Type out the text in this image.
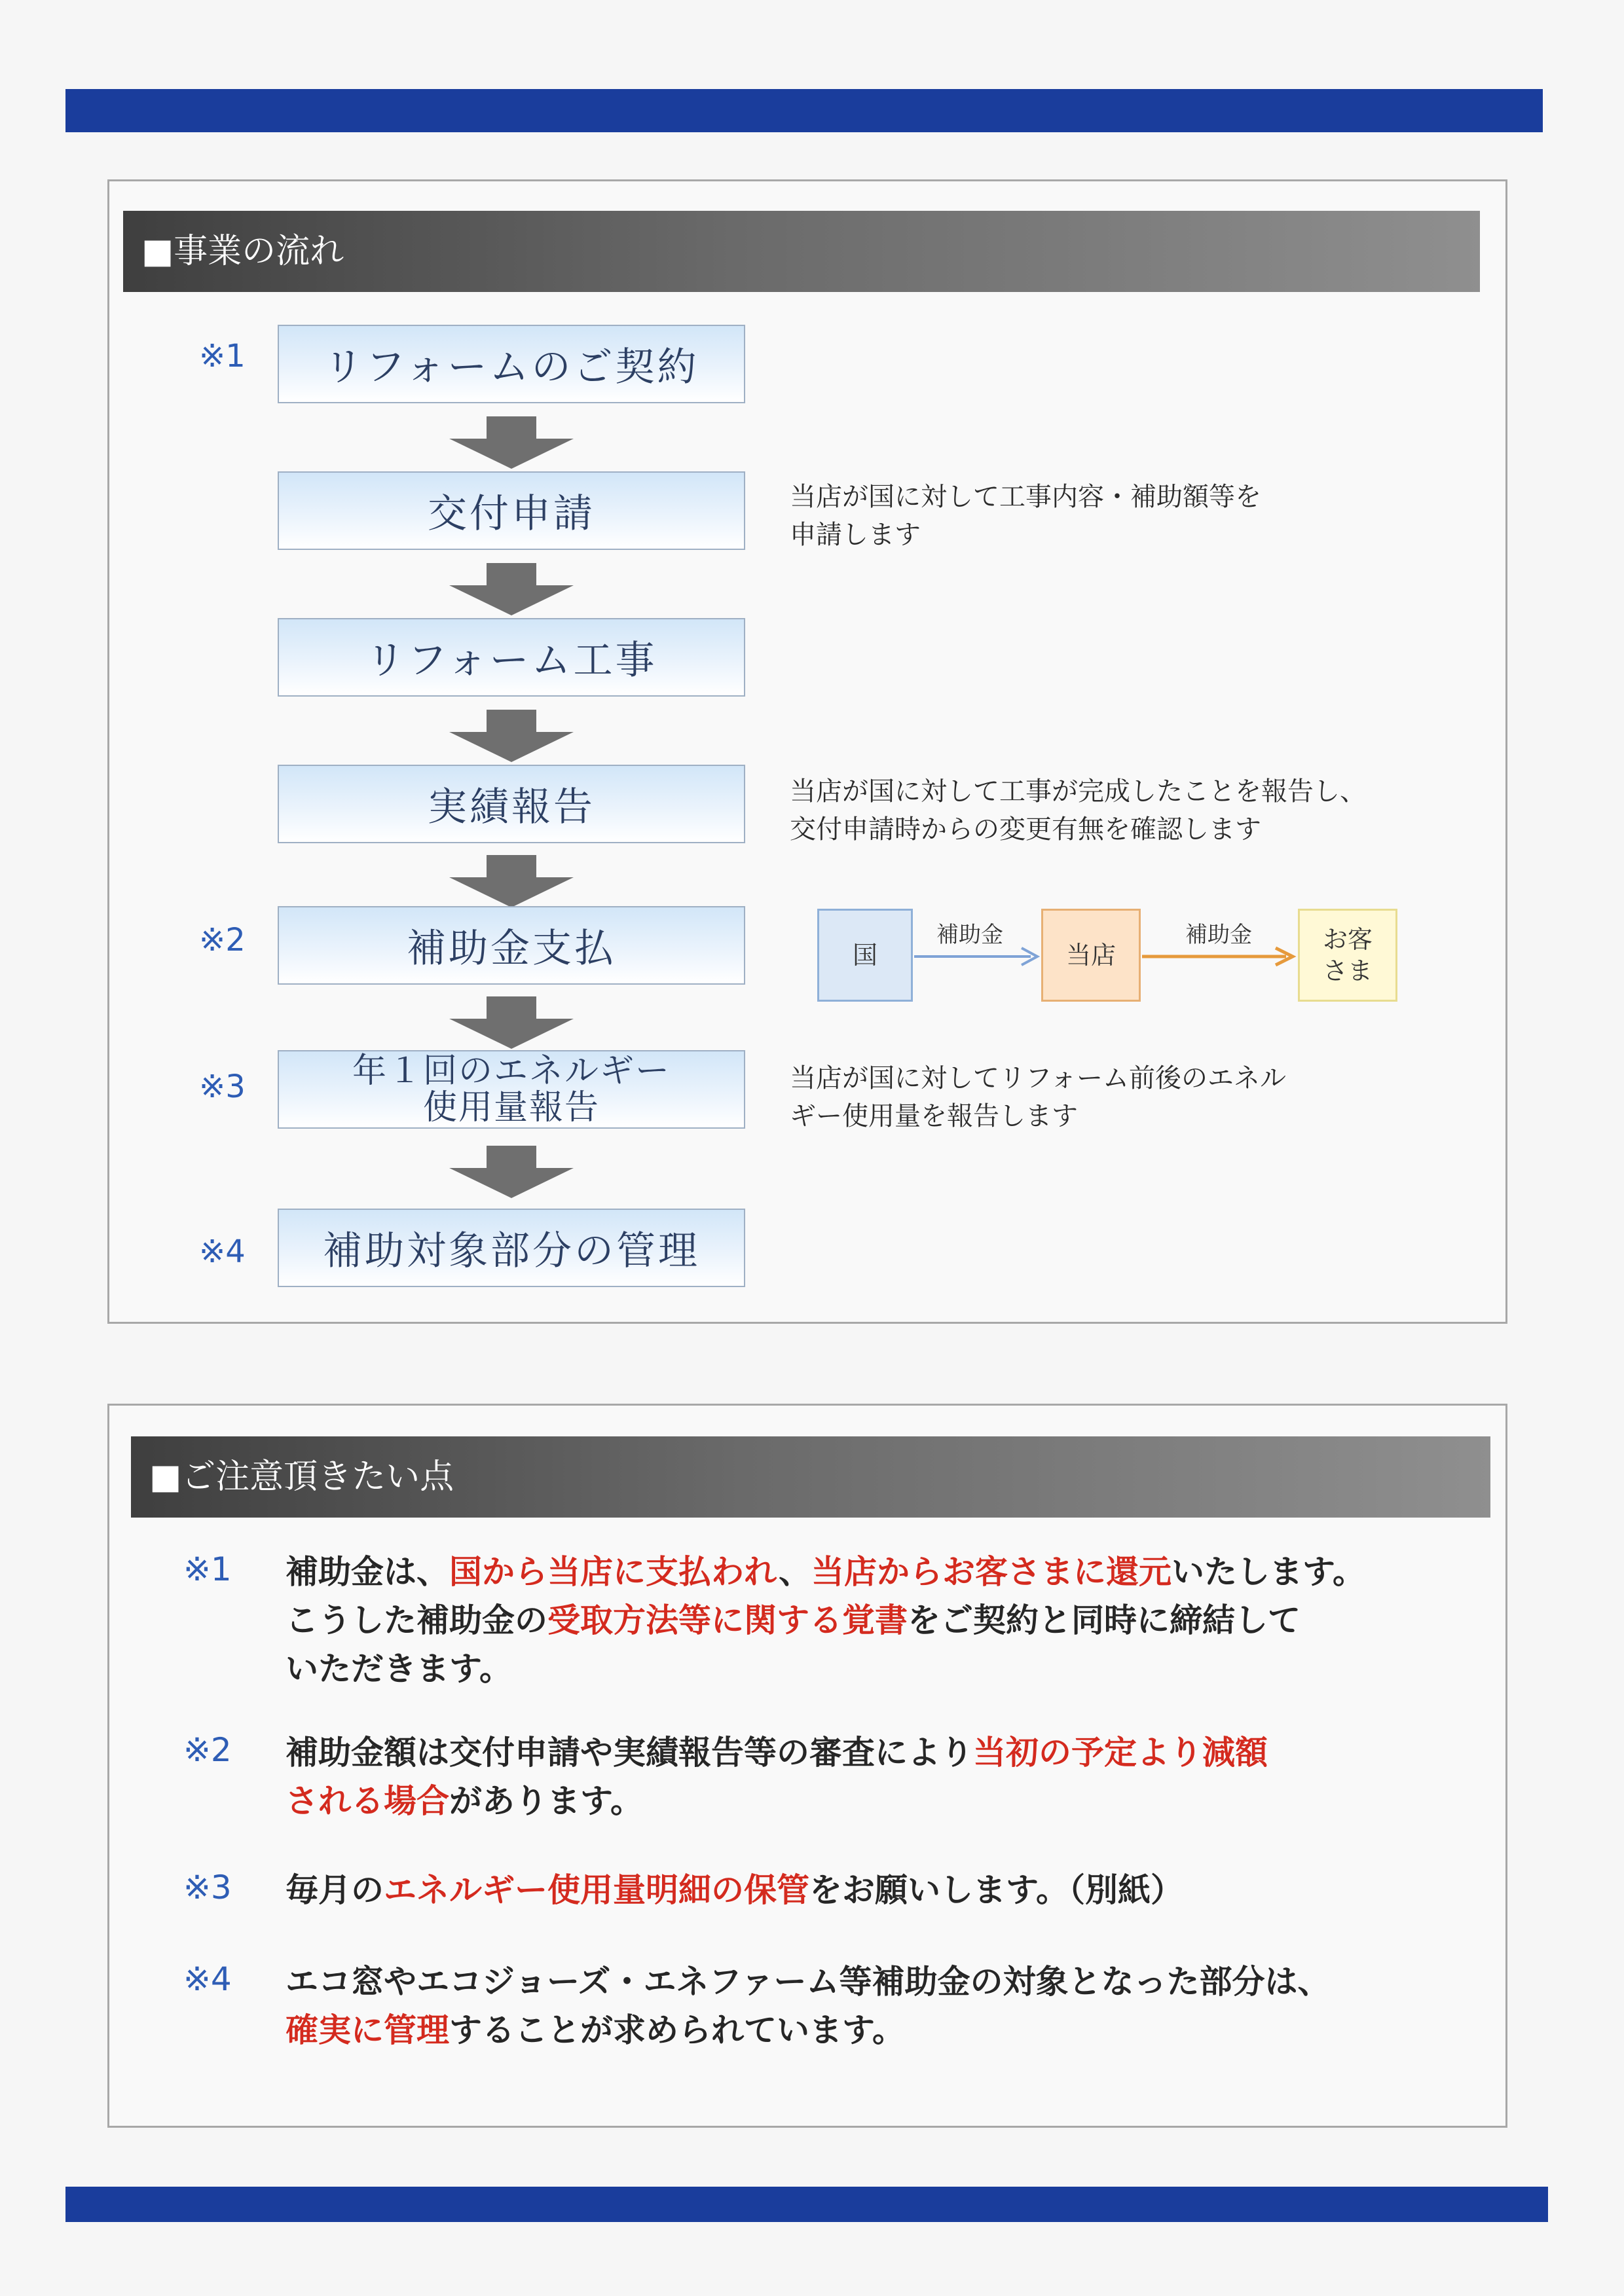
■事業の流れ
※1	リフォームのご契約
交付申請	当店が国に対して工事内容・補助額等を
申請します
リフォーム工事
実績報告	当店が国に対して工事が完成したことを報告し、
交付申請時からの変更有無を確認します
※2	補助金支払	国
補助金
当店
補助金	お客
さま
※3	年１回のエネルギー
使用量報告
当店が国に対してリフォーム前後のエネル
ギー使用量を報告します
※4	補助対象部分の管理
■ご注意頂きたい点
※1 補助金は、国から当店に支払われ、当店からお客さまに還元いたします。
こうした補助金の受取方法等に関する覚書をご契約と同時に締結して
いただきます。
※2 補助金額は交付申請や実績報告等の審査により当初の予定より減額
される場合があります。
※3 毎月のエネルギー使用量明細の保管をお願いします。（別紙）
※4 エコ窓やエコジョーズ・エネファーム等補助金の対象となった部分は、
確実に管理することが求められています。
